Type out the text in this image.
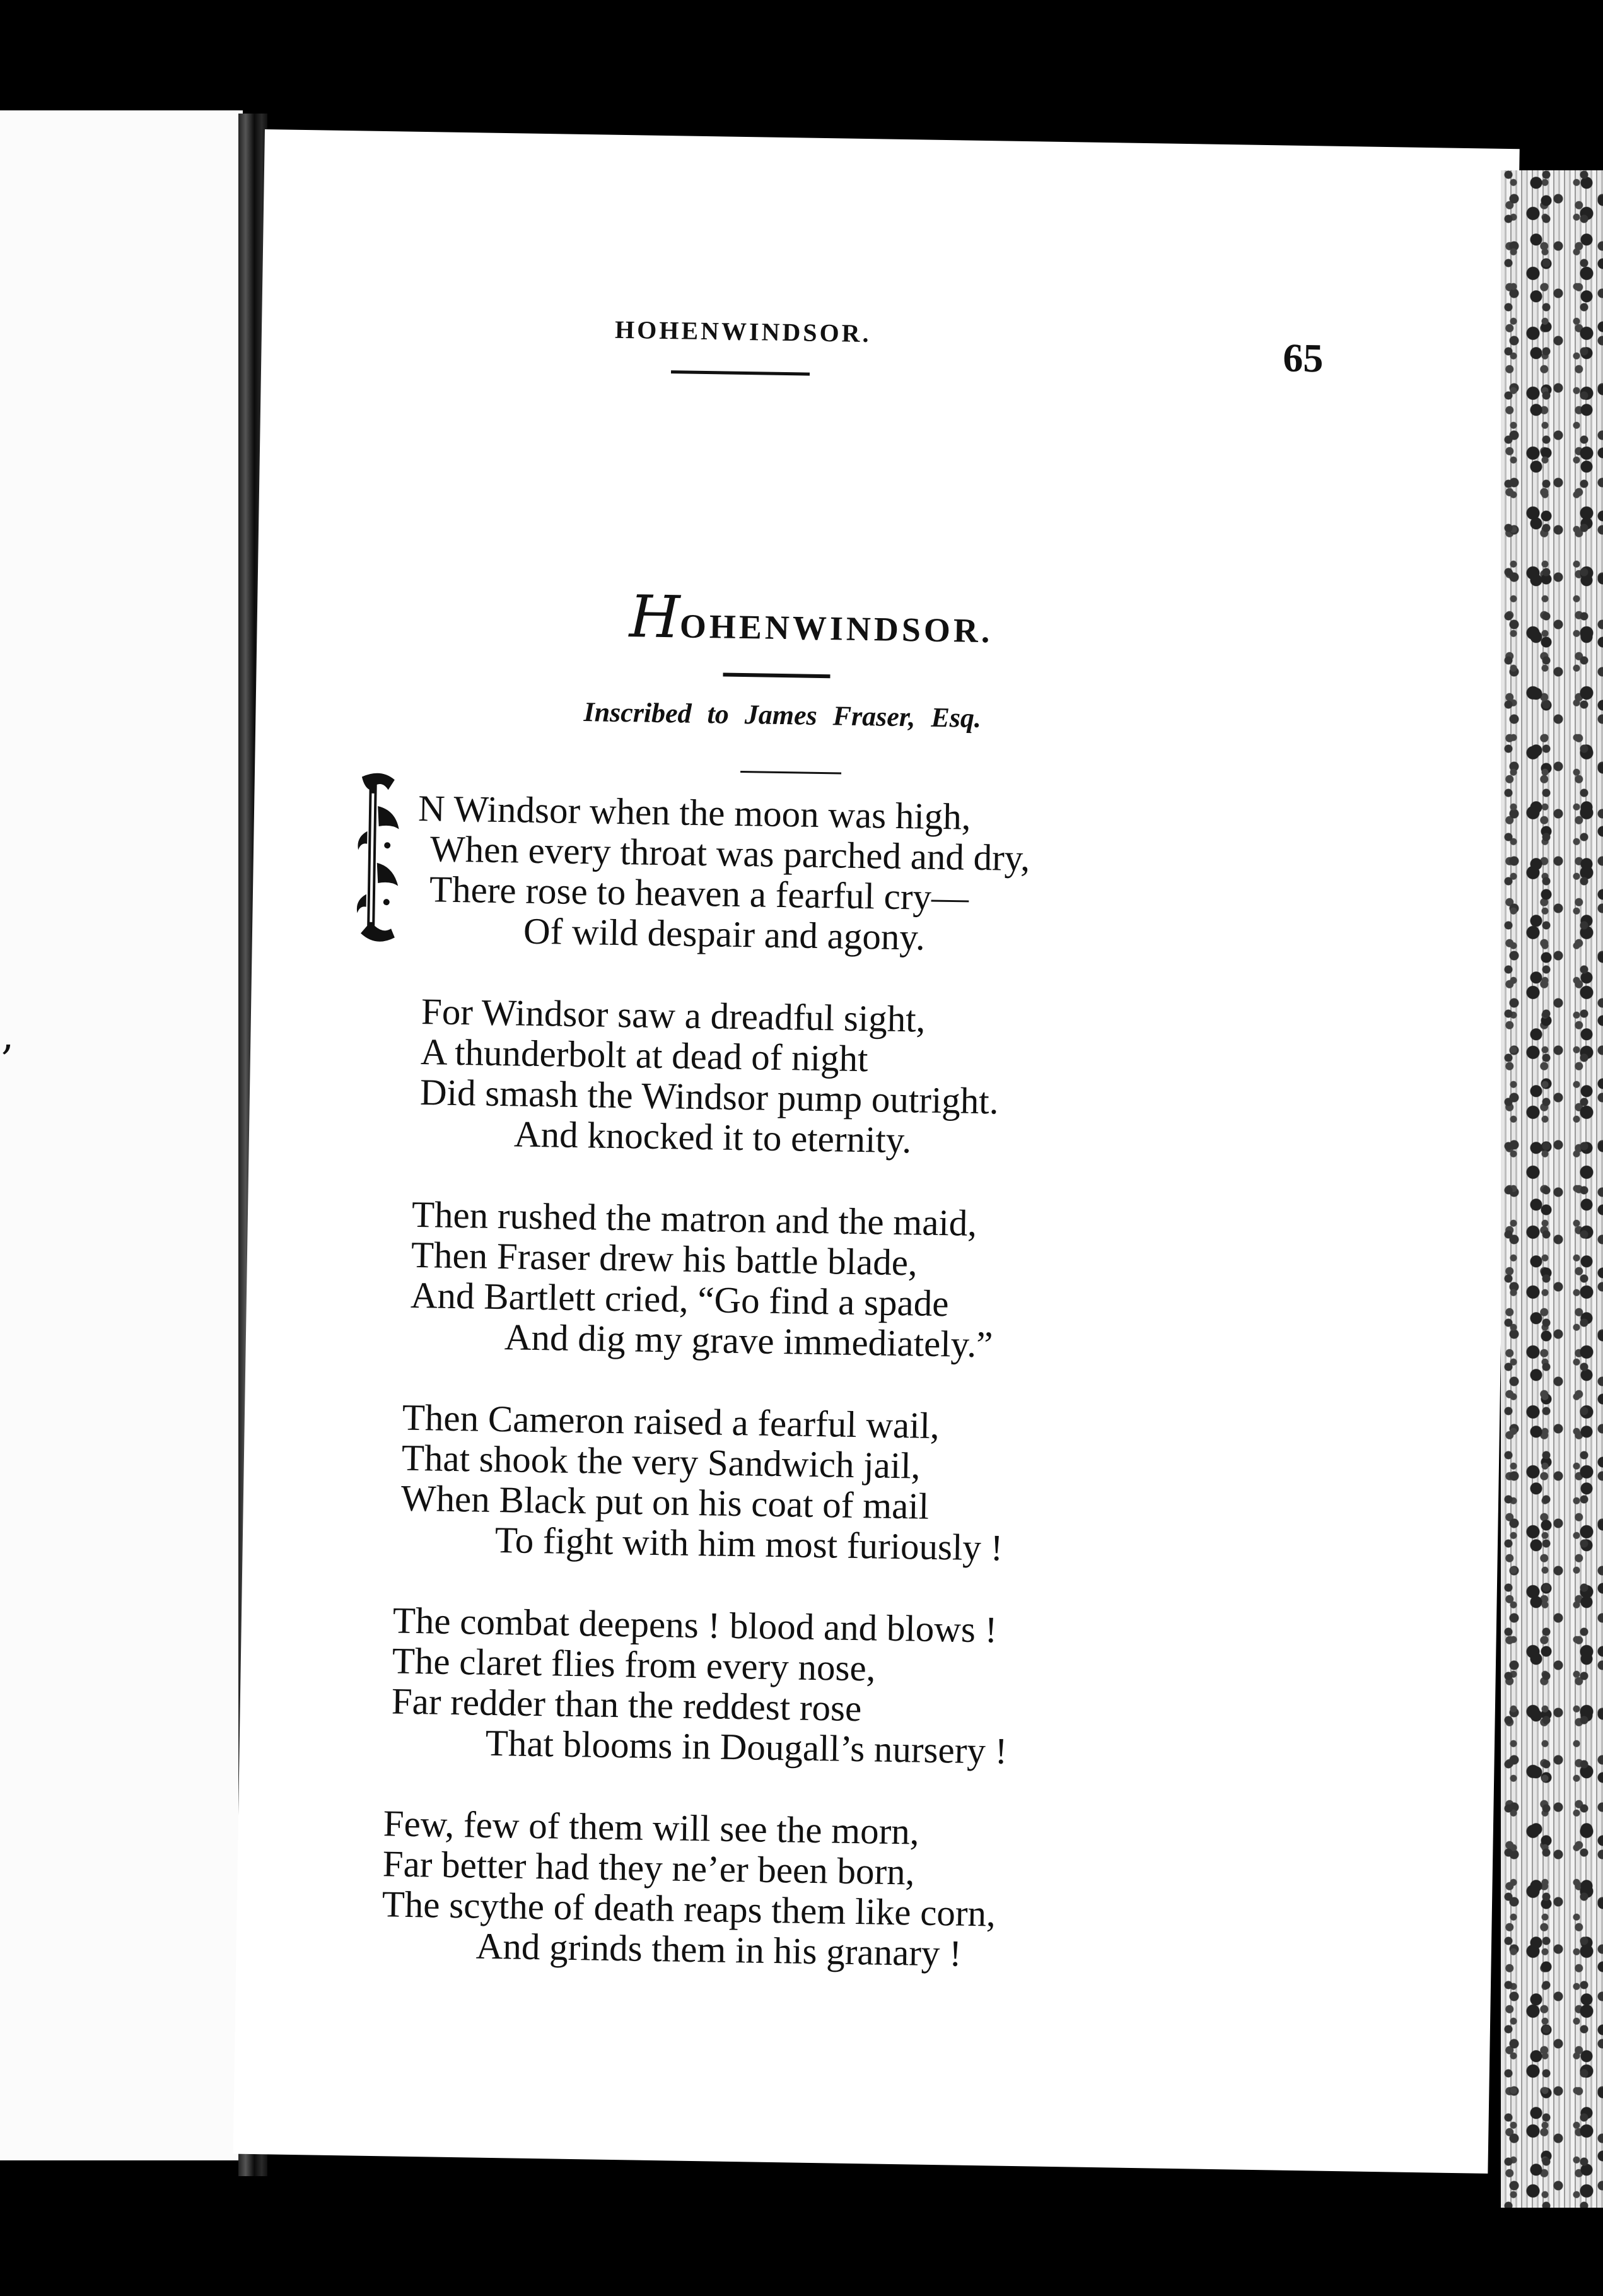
,
HOHENWINDSOR.
65
HOHENWINDSOR.
Inscribed to James Fraser, Esq.
N Windsor when the moon was high,
When every throat was parched and dry,
There rose to heaven a fearful cry—
Of wild despair and agony.
For Windsor saw a dreadful sight,
A thunderbolt at dead of night
Did smash the Windsor pump outright.
And knocked it to eternity.
Then rushed the matron and the maid,
Then Fraser drew his battle blade,
And Bartlett cried, “Go find a spade
And dig my grave immediately.”
Then Cameron raised a fearful wail,
That shook the very Sandwich jail,
When Black put on his coat of mail
To fight with him most furiously !
The combat deepens ! blood and blows !
The claret flies from every nose,
Far redder than the reddest rose
That blooms in Dougall’s nursery !
Few, few of them will see the morn,
Far better had they ne’er been born,
The scythe of death reaps them like corn,
And grinds them in his granary !
